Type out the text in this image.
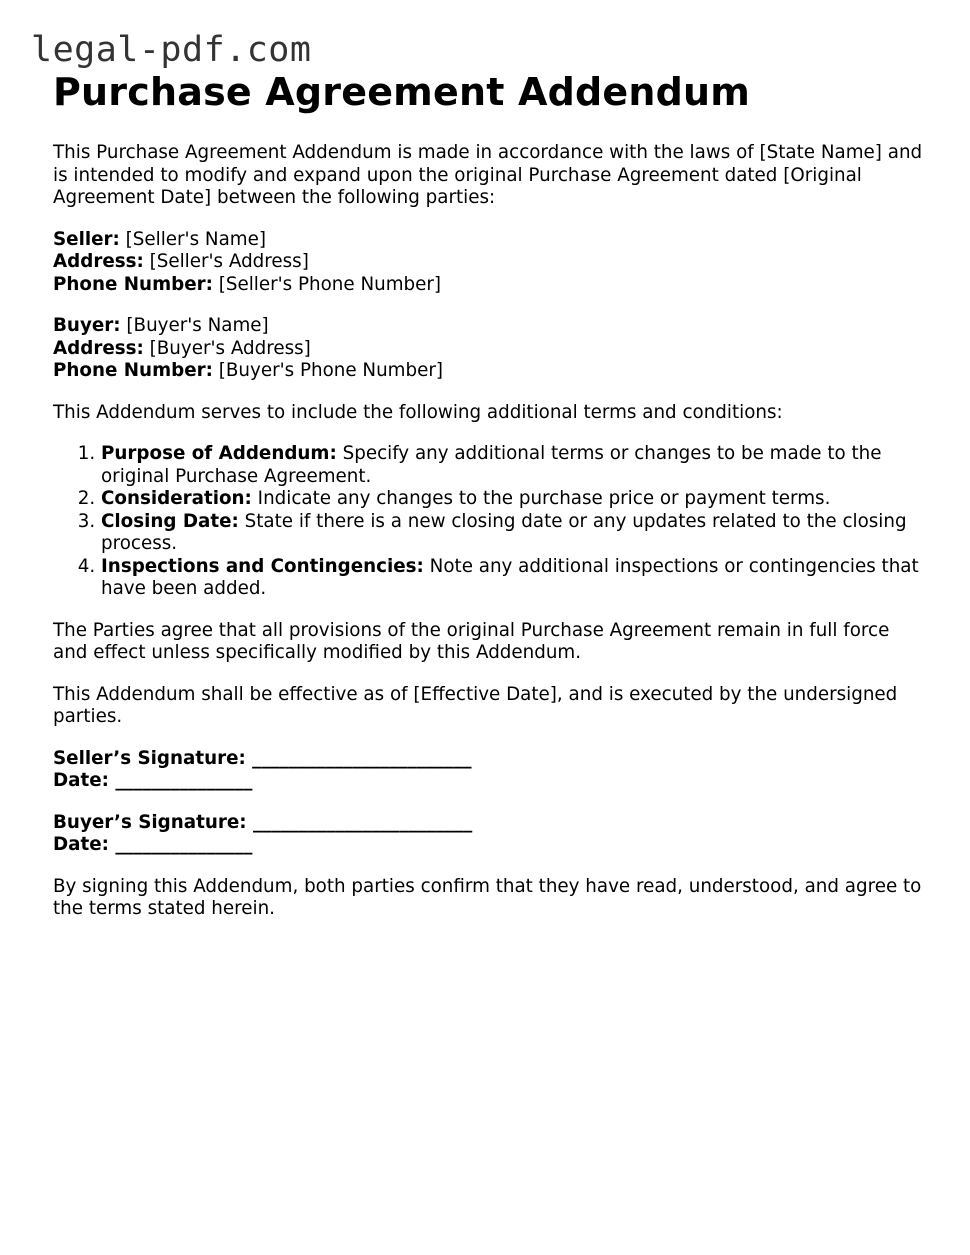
legal-pdf.com
Purchase Agreement Addendum

This Purchase Agreement Addendum is made in accordance with the laws of [State Name] and is intended to modify and expand upon the original Purchase Agreement dated [Original Agreement Date] between the following parties:

Seller: [Seller's Name]
Address: [Seller's Address]
Phone Number: [Seller's Phone Number]
Buyer: [Buyer's Name]
Address: [Buyer's Address]
Phone Number: [Buyer's Phone Number]

This Addendum serves to include the following additional terms and conditions:

1. Purpose of Addendum: Specify any additional terms or changes to be made to the original Purchase Agreement.
2. Consideration: Indicate any changes to the purchase price or payment terms.
3. Closing Date: State if there is a new closing date or any updates related to the closing process.
4. Inspections and Contingencies: Note any additional inspections or contingencies that have been added.

The Parties agree that all provisions of the original Purchase Agreement remain in full force and effect unless specifically modified by this Addendum.

This Addendum shall be effective as of [Effective Date], and is executed by the undersigned parties.

Seller’s Signature: ________________________
Date: _______________
Buyer’s Signature: ________________________
Date: _______________

By signing this Addendum, both parties confirm that they have read, understood, and agree to the terms stated herein.
